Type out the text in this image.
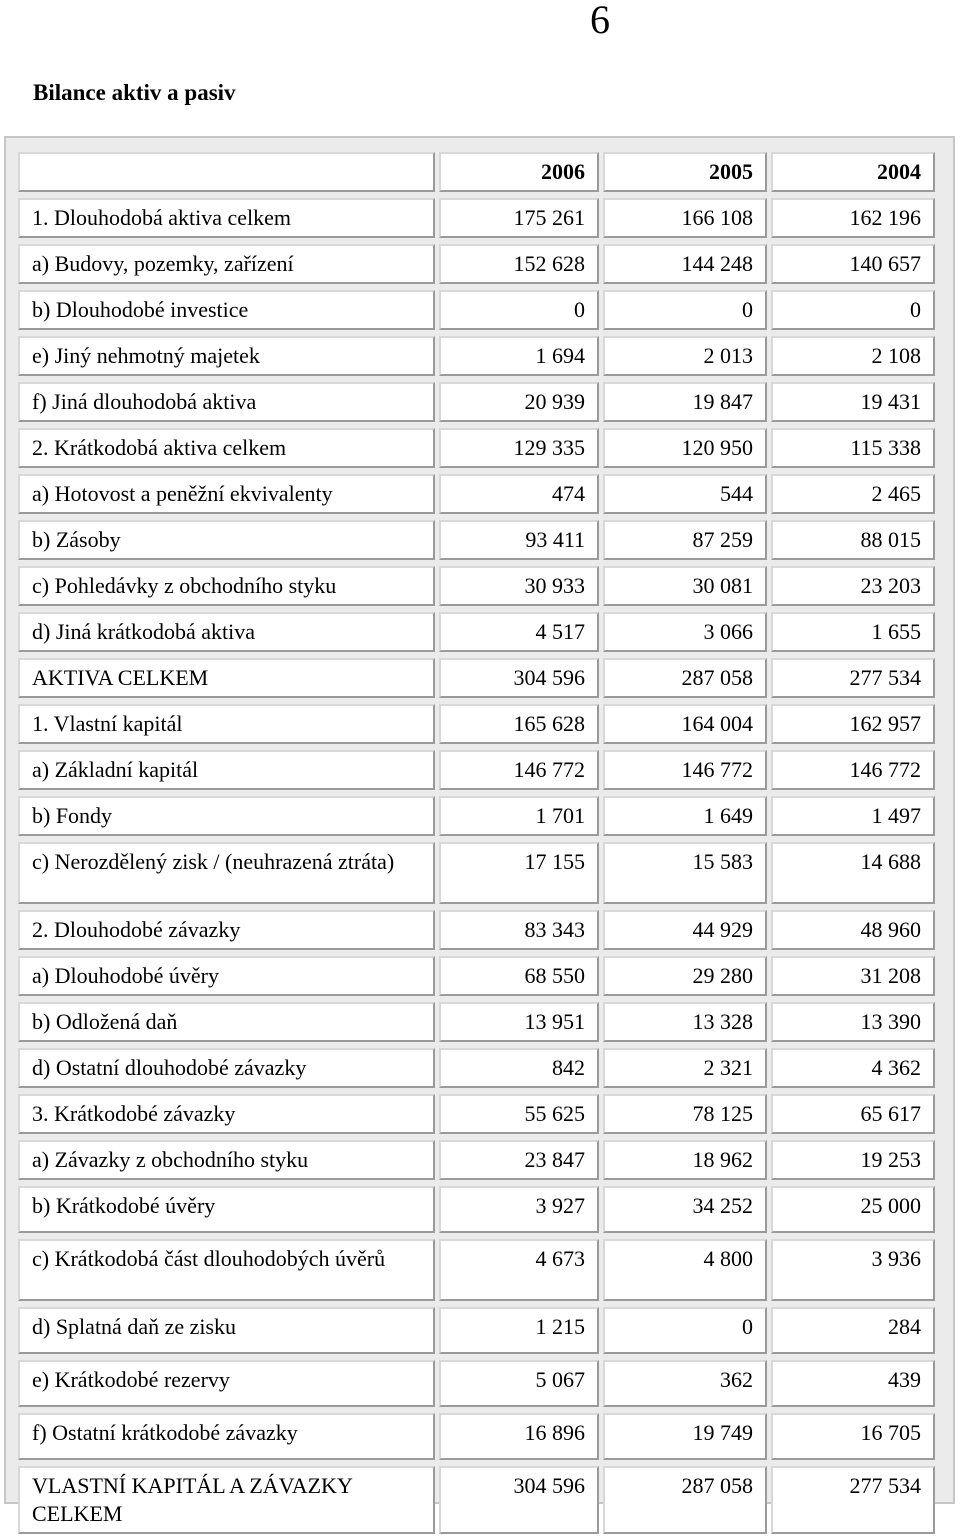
6
Bilance aktiv a pasiv
	2006	2005	2004
1. Dlouhodobá aktiva celkem	175 261	166 108	162 196
a) Budovy, pozemky, zařízení	152 628	144 248	140 657
b) Dlouhodobé investice	0	0	0
e) Jiný nehmotný majetek	1 694	2 013	2 108
f) Jiná dlouhodobá aktiva	20 939	19 847	19 431
2. Krátkodobá aktiva celkem	129 335	120 950	115 338
a) Hotovost a peněžní ekvivalenty	474	544	2 465
b) Zásoby	93 411	87 259	88 015
c) Pohledávky z obchodního styku	30 933	30 081	23 203
d) Jiná krátkodobá aktiva	4 517	3 066	1 655
AKTIVA CELKEM	304 596	287 058	277 534
1. Vlastní kapitál	165 628	164 004	162 957
a) Základní kapitál	146 772	146 772	146 772
b) Fondy	1 701	1 649	1 497
c) Nerozdělený zisk / (neuhrazená ztráta)	17 155	15 583	14 688
2. Dlouhodobé závazky	83 343	44 929	48 960
a) Dlouhodobé úvěry	68 550	29 280	31 208
b) Odložená daň	13 951	13 328	13 390
d) Ostatní dlouhodobé závazky	842	2 321	4 362
3. Krátkodobé závazky	55 625	78 125	65 617
a) Závazky z obchodního styku	23 847	18 962	19 253
b) Krátkodobé úvěry	3 927	34 252	25 000
c) Krátkodobá část dlouhodobých úvěrů	4 673	4 800	3 936
d) Splatná daň ze zisku	1 215	0	284
e) Krátkodobé rezervy	5 067	362	439
f) Ostatní krátkodobé závazky	16 896	19 749	16 705
VLASTNÍ KAPITÁL A ZÁVAZKY CELKEM	304 596	287 058	277 534
